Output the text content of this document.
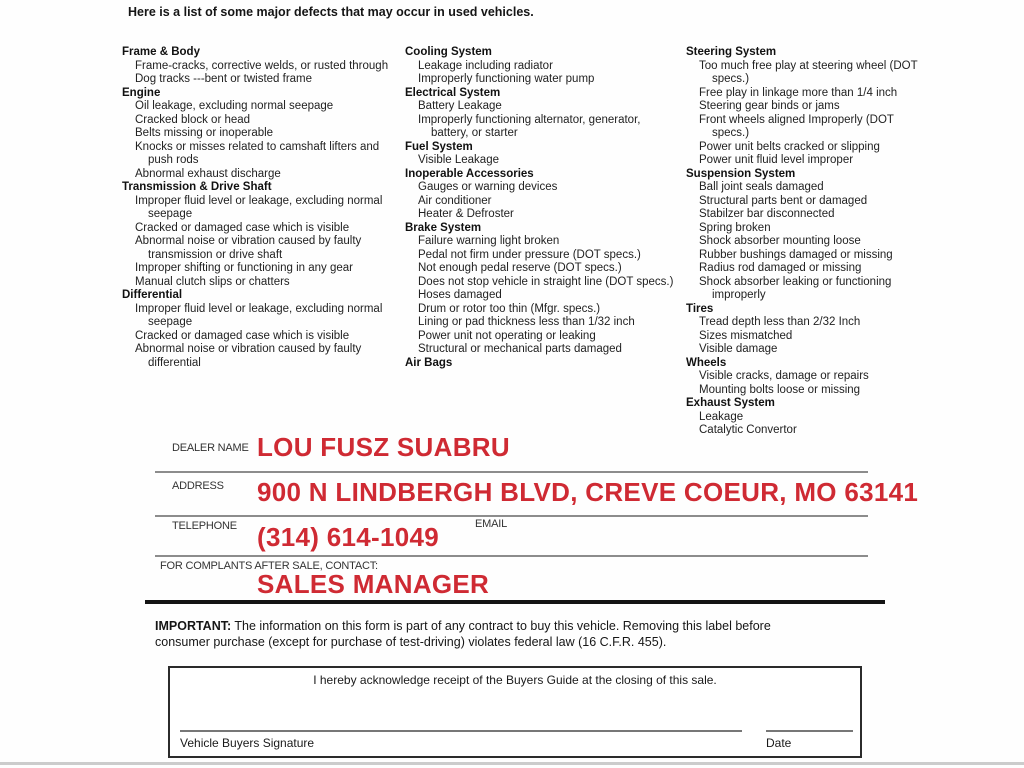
Here is a list of some major defects that may occur in used vehicles.
Frame & Body
Frame-cracks, corrective welds, or rusted through
Dog tracks ---bent or twisted frame
Engine
Oil leakage, excluding normal seepage
Cracked block or head
Belts missing or inoperable
Knocks or misses related to camshaft lifters and push rods
Abnormal exhaust discharge
Transmission & Drive Shaft
Improper fluid level or leakage, excluding normal seepage
Cracked or damaged case which is visible
Abnormal noise or vibration caused by faulty transmission or drive shaft
Improper shifting or functioning in any gear
Manual clutch slips or chatters
Differential
Improper fluid level or leakage, excluding normal seepage
Cracked or damaged case which is visible
Abnormal noise or vibration caused by faulty differential
Cooling System
Leakage including radiator
Improperly functioning water pump
Electrical System
Battery Leakage
Improperly functioning alternator, generator, battery, or starter
Fuel System
Visible Leakage
Inoperable Accessories
Gauges or warning devices
Air conditioner
Heater & Defroster
Brake System
Failure warning light broken
Pedal not firm under pressure (DOT specs.)
Not enough pedal reserve (DOT specs.)
Does not stop vehicle in straight line (DOT specs.)
Hoses damaged
Drum or rotor too thin (Mfgr. specs.)
Lining or pad thickness less than 1/32 inch
Power unit not operating or leaking
Structural or mechanical parts damaged
Air Bags
Steering System
Too much free play at steering wheel (DOT specs.)
Free play in linkage more than 1/4 inch
Steering gear binds or jams
Front wheels aligned Improperly (DOT specs.)
Power unit belts cracked or slipping
Power unit fluid level improper
Suspension System
Ball joint seals damaged
Structural parts bent or damaged
Stabilzer bar disconnected
Spring broken
Shock absorber mounting loose
Rubber bushings damaged or missing
Radius rod damaged or missing
Shock absorber leaking or functioning improperly
Tires
Tread depth less than 2/32 Inch
Sizes mismatched
Visible damage
Wheels
Visible cracks, damage or repairs
Mounting bolts loose or missing
Exhaust System
Leakage
Catalytic Convertor
DEALER NAME LOU FUSZ SUABRU
ADDRESS 900 N LINDBERGH BLVD, CREVE COEUR, MO 63141
TELEPHONE (314) 614-1049	EMAIL
FOR COMPLANTS AFTER SALE, CONTACT:
SALES MANAGER
IMPORTANT: The information on this form is part of any contract to buy this vehicle. Removing this label before consumer purchase (except for purchase of test-driving) violates federal law (16 C.F.R. 455).
I hereby acknowledge receipt of the Buyers Guide at the closing of this sale.
Vehicle Buyers Signature	Date
